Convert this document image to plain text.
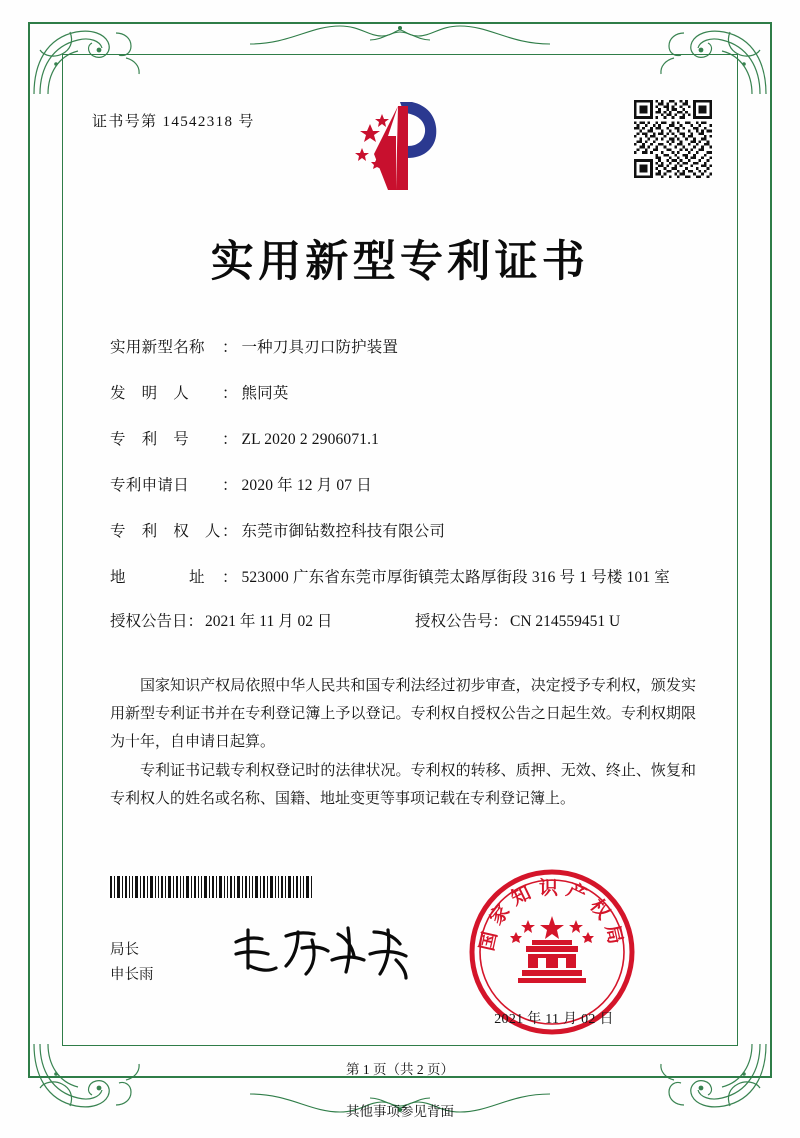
证书号第 14542318 号
实用新型专利证书
实用新型名称	： 一种刀具刃口防护装置
发　明　人	： 熊同英
专　利　号	： ZL 2020 2 2906071.1
专利申请日	： 2020 年 12 月 07 日
专　利　权　人 ： 东莞市御钻数控科技有限公司
地　　　　址	： 523000 广东省东莞市厚街镇莞太路厚街段 316 号 1 号楼 101 室
授权公告日： 2021 年 11 月 02 日	授权公告号： CN 214559451 U

国家知识产权局依照中华人民共和国专利法经过初步审查，决定授予专利权，颁发实用新型专利证书并在专利登记簿上予以登记。专利权自授权公告之日起生效。专利权期限为十年，自申请日起算。

专利证书记载专利权登记时的法律状况。专利权的转移、质押、无效、终止、恢复和专利权人的姓名或名称、国籍、地址变更等事项记载在专利登记簿上。

局长
申长雨
国家知识产权局
2021 年 11 月 02 日
第 1 页（共 2 页）
其他事项参见背面
